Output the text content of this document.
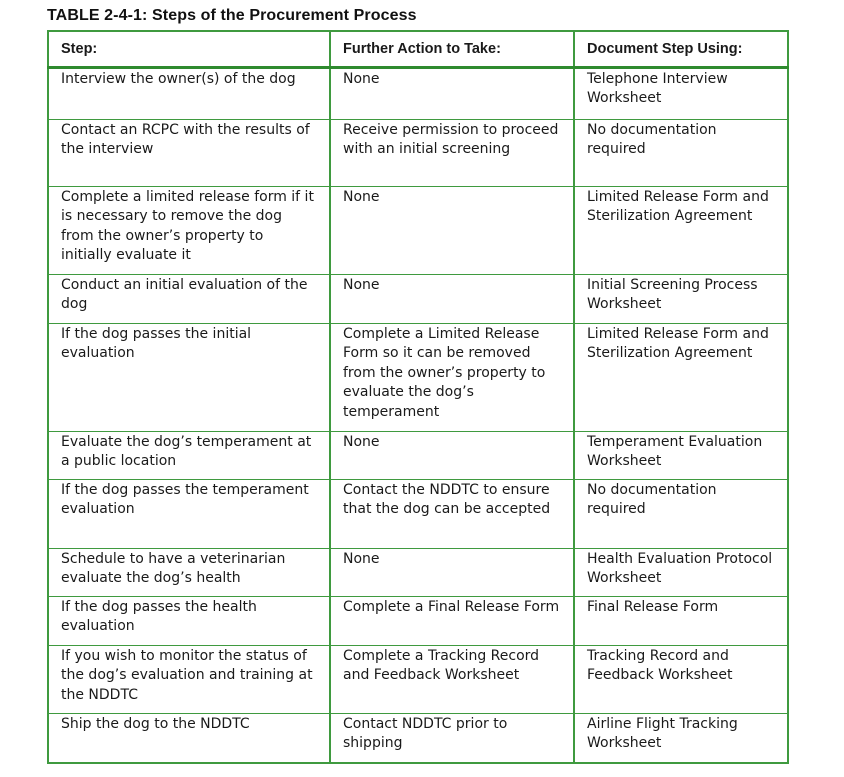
TABLE 2-4-1: Steps of the Procurement Process
Step:	Further Action to Take:	Document Step Using:
Interview the owner(s) of the dog	None	Telephone Interview Worksheet
Contact an RCPC with the results of the interview	Receive permission to proceed with an initial screening	No documentation required
Complete a limited release form if it is necessary to remove the dog from the owner’s property to initially evaluate it	None	Limited Release Form and Sterilization Agreement
Conduct an initial evaluation of the dog	None	Initial Screening Process Worksheet
If the dog passes the initial evaluation	Complete a Limited Release Form so it can be removed from the owner’s property to evaluate the dog’s temperament	Limited Release Form and Sterilization Agreement
Evaluate the dog’s temperament at a public location	None	Temperament Evaluation Worksheet
If the dog passes the temperament evaluation	Contact the NDDTC to ensure that the dog can be accepted	No documentation required
Schedule to have a veterinarian evaluate the dog’s health	None	Health Evaluation Protocol Worksheet
If the dog passes the health evaluation	Complete a Final Release Form	Final Release Form
If you wish to monitor the status of the dog’s evaluation and training at the NDDTC	Complete a Tracking Record and Feedback Worksheet	Tracking Record and Feedback Worksheet
Ship the dog to the NDDTC	Contact NDDTC prior to shipping	Airline Flight Tracking Worksheet
